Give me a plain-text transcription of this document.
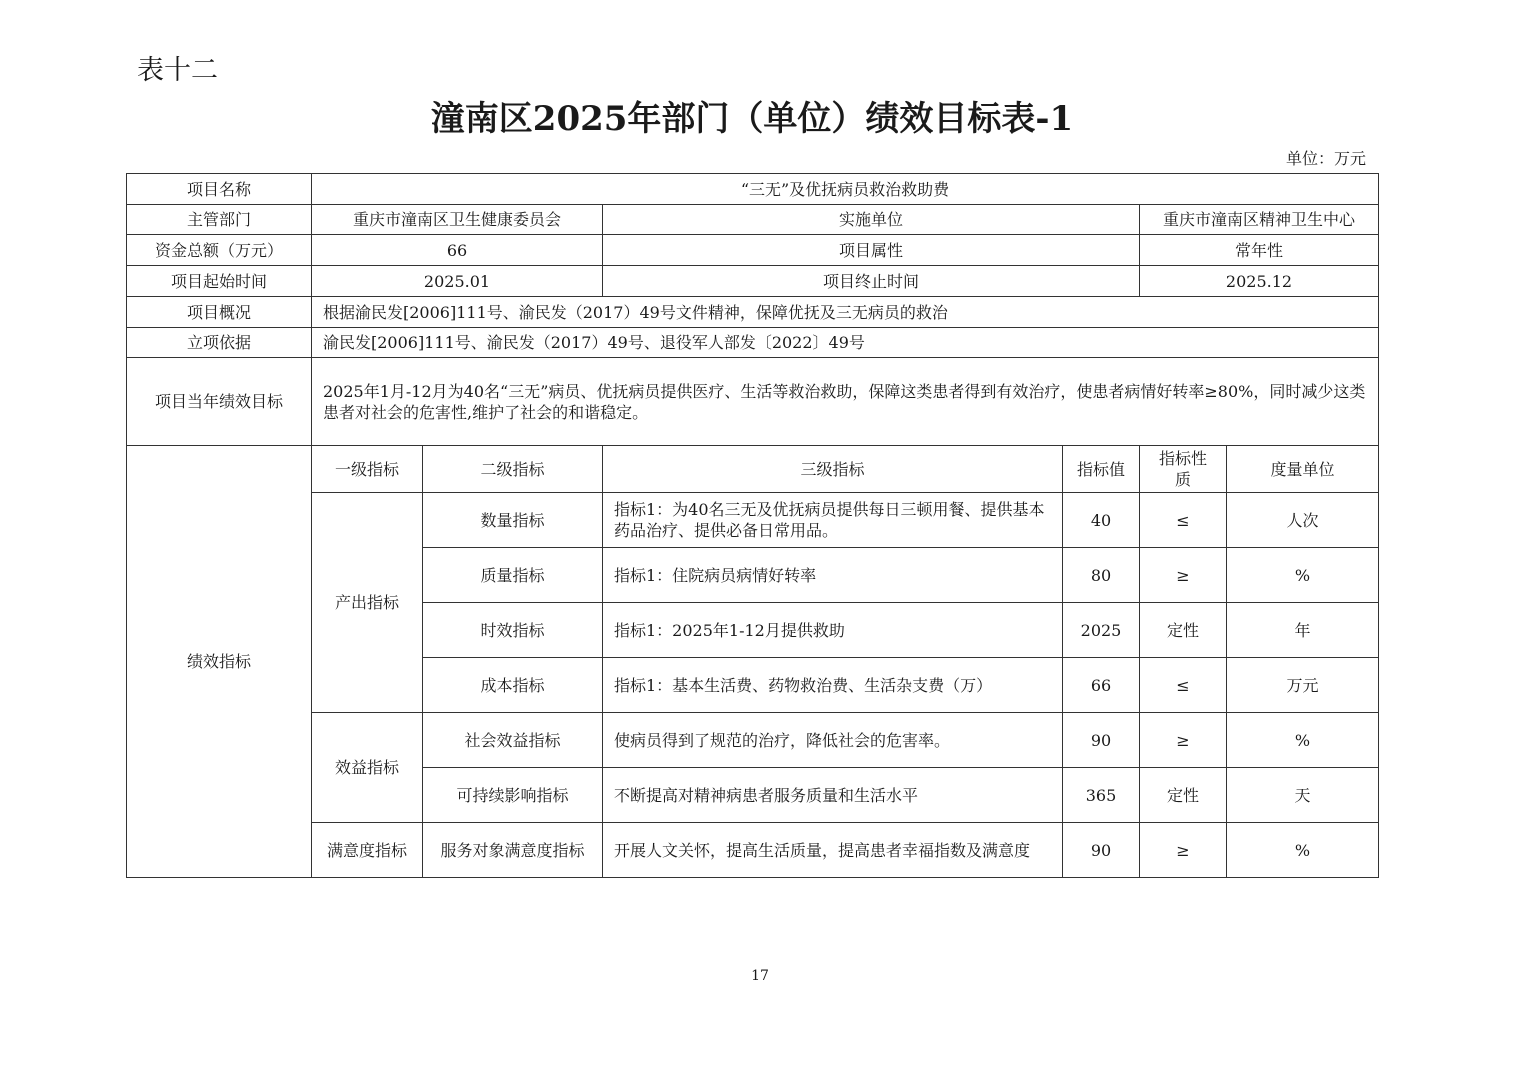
表十二
潼南区2025年部门（单位）绩效目标表-1
单位：万元
项目名称	“三无”及优抚病员救治救助费					
主管部门	重庆市潼南区卫生健康委员会		实施单位		重庆市潼南区精神卫生中心	
资金总额（万元）	66		项目属性		常年性	
项目起始时间	2025.01		项目终止时间		2025.12	
项目概况	根据渝民发[2006]111号、渝民发（2017）49号文件精神，保障优抚及三无病员的救治					
立项依据	渝民发[2006]111号、渝民发（2017）49号、退役军人部发〔2022〕49号					
项目当年绩效目标	2025年1月-12月为40名“三无”病员、优抚病员提供医疗、生活等救治救助，保障这类患者得到有效治疗，使患者病情好转率≥80%，同时减少这类患者对社会的危害性,维护了社会的和谐稳定。					
绩效指标	一级指标	二级指标	三级指标	指标值	指标性质	度量单位
	产出指标	数量指标	指标1：为40名三无及优抚病员提供每日三顿用餐、提供基本药品治疗、提供必备日常用品。	40	≤	人次
		质量指标	指标1：住院病员病情好转率	80	≥	%
		时效指标	指标1：2025年1-12月提供救助	2025	定性	年
		成本指标	指标1：基本生活费、药物救治费、生活杂支费（万）	66	≤	万元
	效益指标	社会效益指标	使病员得到了规范的治疗，降低社会的危害率。	90	≥	%
		可持续影响指标	不断提高对精神病患者服务质量和生活水平	365	定性	天
	满意度指标	服务对象满意度指标	开展人文关怀，提高生活质量，提高患者幸福指数及满意度	90	≥	%
17
